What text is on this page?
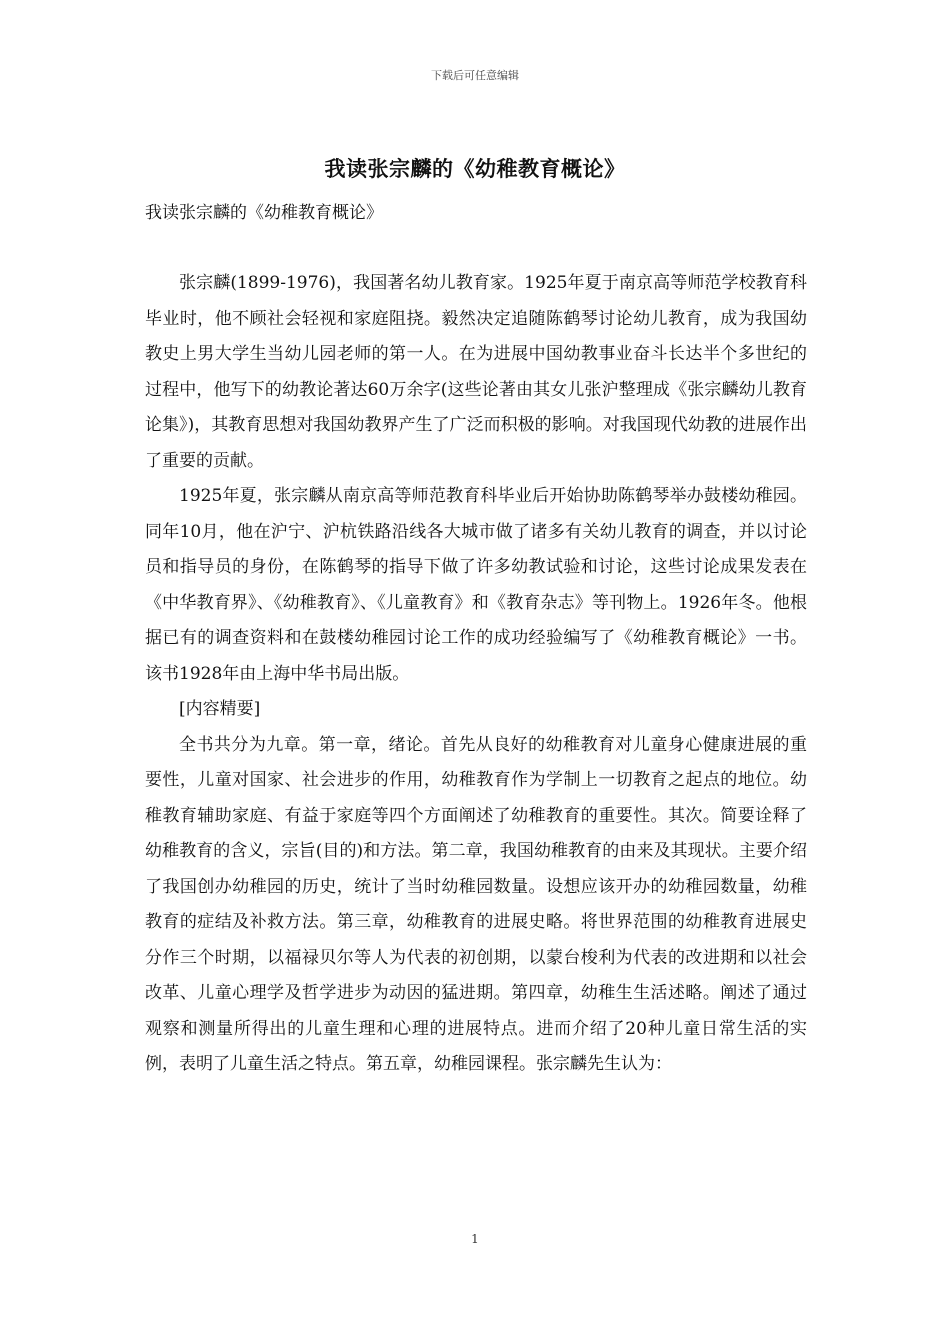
下载后可任意编辑
我读张宗麟的《幼稚教育概论》
我读张宗麟的《幼稚教育概论》

张宗麟(1899-1976)，我国著名幼儿教育家。1925年夏于南京高等师范学校教育科毕业时，他不顾社会轻视和家庭阻挠。毅然决定追随陈鹤琴讨论幼儿教育，成为我国幼教史上男大学生当幼儿园老师的第一人。在为进展中国幼教事业奋斗长达半个多世纪的过程中，他写下的幼教论著达60万余字(这些论著由其女儿张沪整理成《张宗麟幼儿教育论集》)，其教育思想对我国幼教界产生了广泛而积极的影响。对我国现代幼教的进展作出了重要的贡献。

1925年夏，张宗麟从南京高等师范教育科毕业后开始协助陈鹤琴举办鼓楼幼稚园。同年10月，他在沪宁、沪杭铁路沿线各大城市做了诸多有关幼儿教育的调查，并以讨论员和指导员的身份，在陈鹤琴的指导下做了许多幼教试验和讨论，这些讨论成果发表在《中华教育界》、《幼稚教育》、《儿童教育》和《教育杂志》等刊物上。1926年冬。他根据已有的调查资料和在鼓楼幼稚园讨论工作的成功经验编写了《幼稚教育概论》一书。该书1928年由上海中华书局出版。

[内容精要]

全书共分为九章。第一章，绪论。首先从良好的幼稚教育对儿童身心健康进展的重要性，儿童对国家、社会进步的作用，幼稚教育作为学制上一切教育之起点的地位。幼稚教育辅助家庭、有益于家庭等四个方面阐述了幼稚教育的重要性。其次。简要诠释了幼稚教育的含义，宗旨(目的)和方法。第二章，我国幼稚教育的由来及其现状。主要介绍了我国创办幼稚园的历史，统计了当时幼稚园数量。设想应该开办的幼稚园数量，幼稚教育的症结及补救方法。第三章，幼稚教育的进展史略。将世界范围的幼稚教育进展史分作三个时期，以福禄贝尔等人为代表的初创期，以蒙台梭利为代表的改进期和以社会改革、儿童心理学及哲学进步为动因的猛进期。第四章，幼稚生生活述略。阐述了通过观察和测量所得出的儿童生理和心理的进展特点。进而介绍了20种儿童日常生活的实例，表明了儿童生活之特点。第五章，幼稚园课程。张宗麟先生认为：

1
